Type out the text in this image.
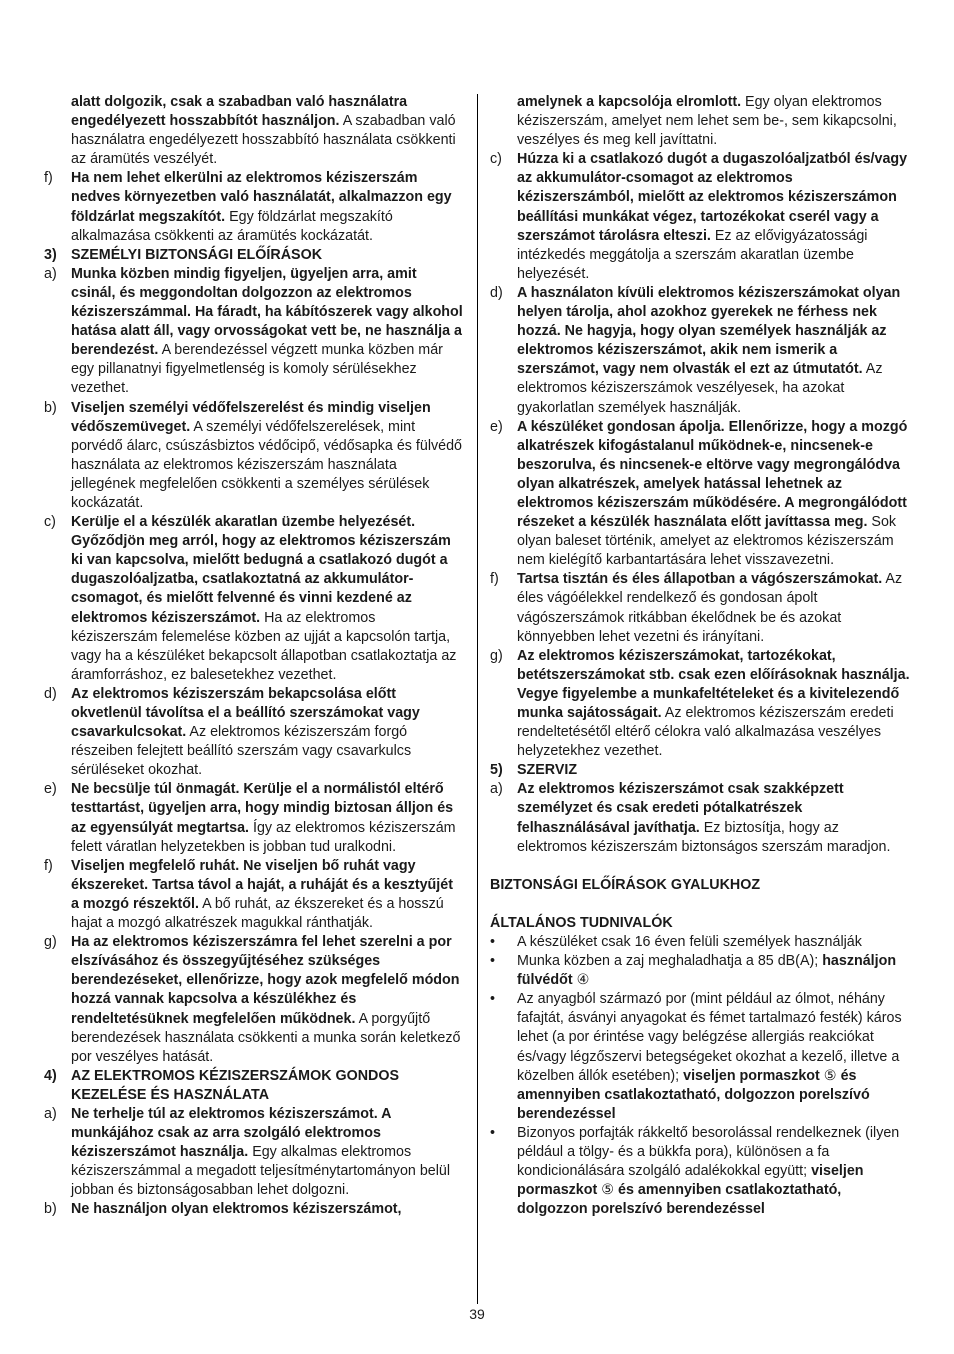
alatt dolgozik, csak a szabadban való használatra engedélyezett hosszabbítót használjon. A szabadban való használatra engedélyezett hosszabbító használata csökkenti az áramütés veszélyét.
f) Ha nem lehet elkerülni az elektromos kéziszerszám nedves környezetben való használatát, alkalmazzon egy földzárlat megszakítót. Egy földzárlat megszakító alkalmazása csökkenti az áramütés kockázatát.
3) SZEMÉLYI BIZTONSÁGI ELŐÍRÁSOK
a) Munka közben mindig figyeljen, ügyeljen arra, amit csinál, és meggondoltan dolgozzon az elektromos kéziszerszámmal. Ha fáradt, ha kábítószerek vagy alkohol hatása alatt áll, vagy orvosságokat vett be, ne használja a berendezést. A berendezéssel végzett munka közben már egy pillanatnyi figyelmetlenség is komoly sérülésekhez vezethet.
b) Viseljen személyi védőfelszerelést és mindig viseljen védőszemüveget. A személyi védőfelszerelések, mint porvédő álarc, csúszásbiztos védőcipő, védősapka és fülvédő használata az elektromos kéziszerszám használata jellegének megfelelően csökkenti a személyes sérülések kockázatát.
c) Kerülje el a készülék akaratlan üzembe helyezését. Győződjön meg arról, hogy az elektromos kéziszerszám ki van kapcsolva, mielőtt bedugná a csatlakozó dugót a dugaszolóaljzatba, csatlakoztatná az akkumulátor-csomagot, és mielőtt felvenné és vinni kezdené az elektromos kéziszerszámot. Ha az elektromos kéziszerszám felemelése közben az ujját a kapcsolón tartja, vagy ha a készüléket bekapcsolt állapotban csatlakoztatja az áramforráshoz, ez balesetekhez vezethet.
d) Az elektromos kéziszerszám bekapcsolása előtt okvetlenül távolítsa el a beállító szerszámokat vagy csavarkulcsokat. Az elektromos kéziszerszám forgó részeiben felejtett beállító szerszám vagy csavarkulcs sérüléseket okozhat.
e) Ne becsülje túl önmagát. Kerülje el a normálistól eltérő testtartást, ügyeljen arra, hogy mindig biztosan álljon és az egyensúlyát megtartsa. Így az elektromos kéziszerszám felett váratlan helyzetekben is jobban tud uralkodni.
f) Viseljen megfelelő ruhát. Ne viseljen bő ruhát vagy ékszereket. Tartsa távol a haját, a ruháját és a kesztyűjét a mozgó részektől. A bő ruhát, az ékszereket és a hosszú hajat a mozgó alkatrészek magukkal ránthatják.
g) Ha az elektromos kéziszerszámra fel lehet szerelni a por elszívásához és összegyűjtéséhez szükséges berendezéseket, ellenőrizze, hogy azok megfelelő módon hozzá vannak kapcsolva a készülékhez és rendeltetésüknek megfelelően működnek. A porgyűjtő berendezések használata csökkenti a munka során keletkező por veszélyes hatását.
4) AZ ELEKTROMOS KÉZISZERSZÁMOK GONDOS KEZELÉSE ÉS HASZNÁLATA
a) Ne terhelje túl az elektromos kéziszerszámot. A munkájához csak az arra szolgáló elektromos kéziszerszámot használja. Egy alkalmas elektromos kéziszerszámmal a megadott teljesítménytartományon belül jobban és biztonságosabban lehet dolgozni.
b) Ne használjon olyan elektromos kéziszerszámot,
amelynek a kapcsolója elromlott. Egy olyan elektromos kéziszerszám, amelyet nem lehet sem be-, sem kikapcsolni, veszélyes és meg kell javíttatni.
c) Húzza ki a csatlakozó dugót a dugaszolóaljzatból és/vagy az akkumulátor-csomagot az elektromos kéziszerszámból, mielőtt az elektromos kéziszerszámon beállítási munkákat végez, tartozékokat cserél vagy a szerszámot tárolásra elteszi. Ez az elővigyázatossági intézkedés meggátolja a szerszám akaratlan üzembe helyezését.
d) A használaton kívüli elektromos kéziszerszámokat olyan helyen tárolja, ahol azokhoz gyerekek ne férhess nek hozzá. Ne hagyja, hogy olyan személyek használják az elektromos kéziszerszámot, akik nem ismerik a szerszámot, vagy nem olvasták el ezt az útmutatót. Az elektromos kéziszerszámok veszélyesek, ha azokat gyakorlatlan személyek használják.
e) A készüléket gondosan ápolja. Ellenőrizze, hogy a mozgó alkatrészek kifogástalanul működnek-e, nincsenek-e beszorulva, és nincsenek-e eltörve vagy megrongálódva olyan alkatrészek, amelyek hatással lehetnek az elektromos kéziszerszám működésére. A megrongálódott részeket a készülék használata előtt javíttassa meg. Sok olyan baleset történik, amelyet az elektromos kéziszerszám nem kielégítő karbantartására lehet visszavezetni.
f) Tartsa tisztán és éles állapotban a vágószerszámokat. Az éles vágóélekkel rendelkező és gondosan ápolt vágószerszámok ritkábban ékelődnek be és azokat könnyebben lehet vezetni és irányítani.
g) Az elektromos kéziszerszámokat, tartozékokat, betétszerszámokat stb. csak ezen előírásoknak használja. Vegye figyelembe a munkafeltételeket és a kivitelezendő munka sajátosságait. Az elektromos kéziszerszám eredeti rendeltetésétől eltérő célokra való alkalmazása veszélyes helyzetekhez vezethet.
5) SZERVIZ
a) Az elektromos kéziszerszámot csak szakképzett személyzet és csak eredeti pótalkatrészek felhasználásával javíthatja. Ez biztosítja, hogy az elektromos kéziszerszám biztonságos szerszám maradjon.
BIZTONSÁGI ELŐÍRÁSOK GYALUKHOZ
ÁLTALÁNOS TUDNIVALÓK
• A készüléket csak 16 éven felüli személyek használják
• Munka közben a zaj meghaladhatja a 85 dB(A); használjon fülvédőt ④
• Az anyagból származó por (mint például az ólmot, néhány fafajtát, ásványi anyagokat és fémet tartalmazó festék) káros lehet (a por érintése vagy belégzése allergiás reakciókat és/vagy légzőszervi betegségeket okozhat a kezelő, illetve a közelben állók esetében); viseljen pormaszkot ⑤ és amennyiben csatlakoztatható, dolgozzon porelszívó berendezéssel
• Bizonyos porfajták rákkeltő besorolással rendelkeznek (ilyen például a tölgy- és a bükkfa pora), különösen a fa kondicionálására szolgáló adalékokkal együtt; viseljen pormaszkot ⑤ és amennyiben csatlakoztatható, dolgozzon porelszívó berendezéssel
39
